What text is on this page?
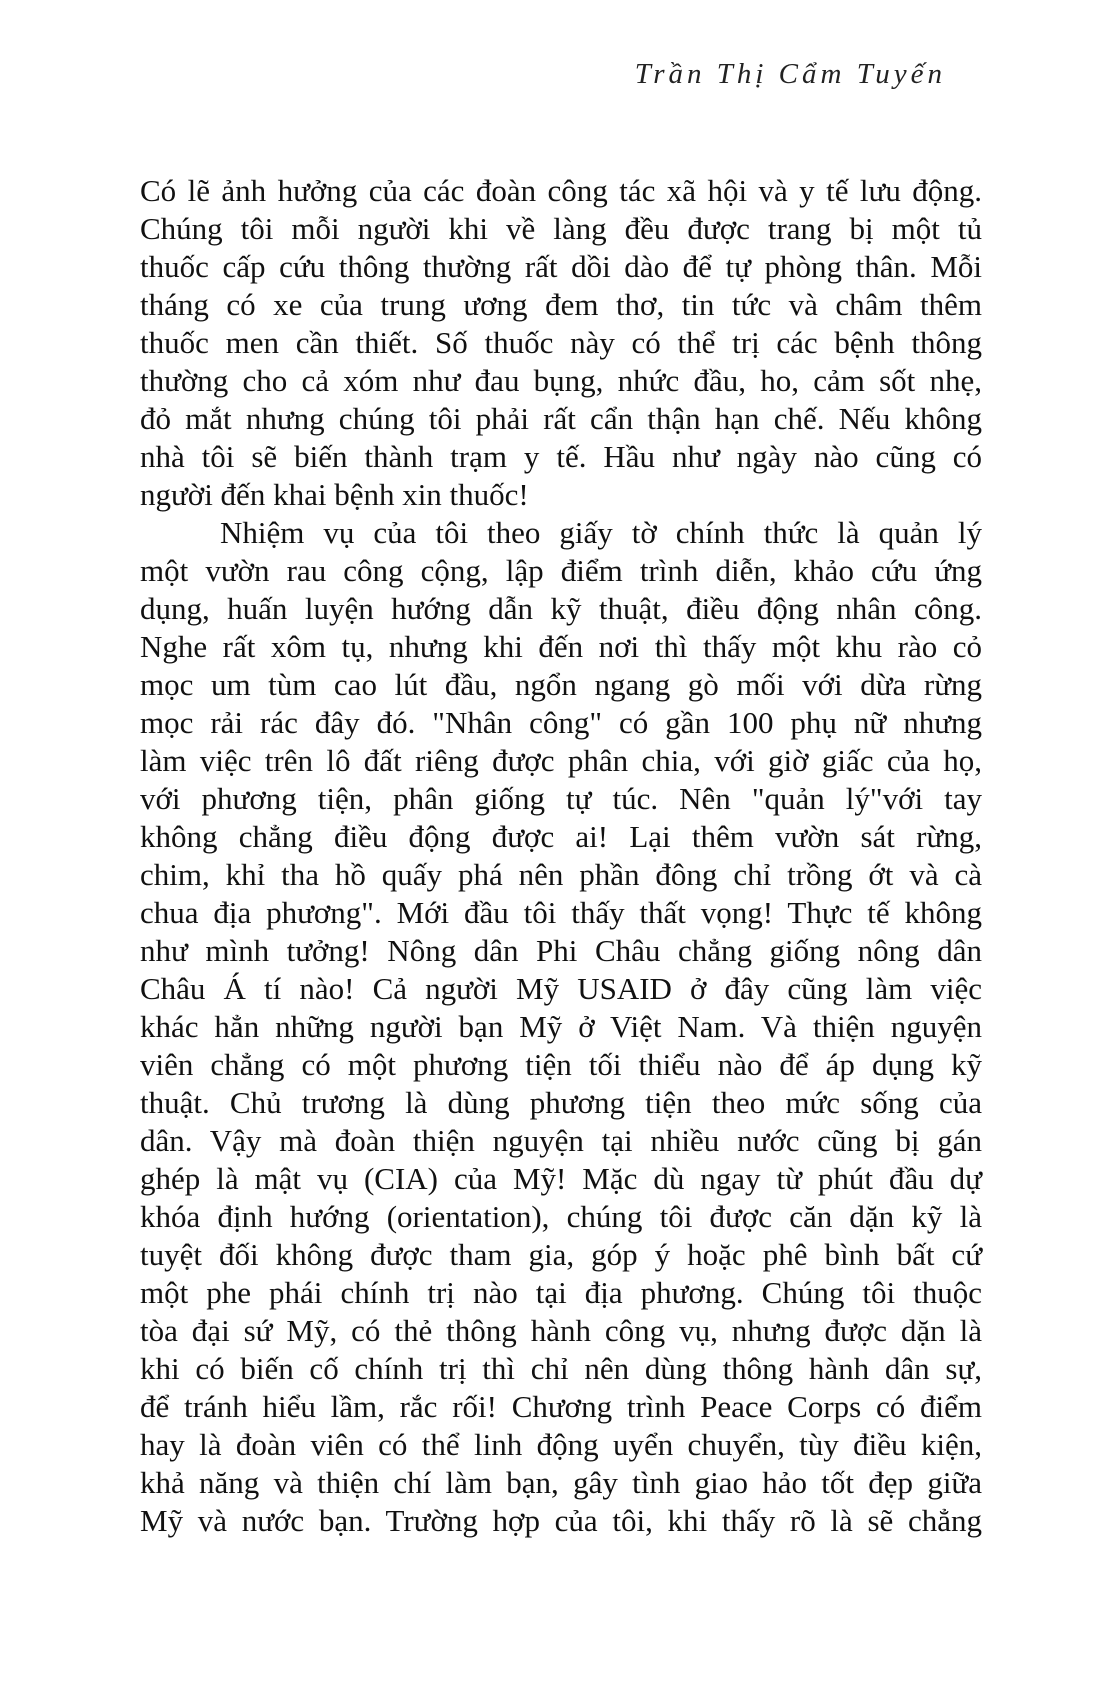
Trần Thị Cẩm Tuyến
Có lẽ ảnh hưởng của các đoàn công tác xã hội và y tế lưu động.
Chúng tôi mỗi người khi về làng đều được trang bị một tủ
thuốc cấp cứu thông thường rất dồi dào để tự phòng thân. Mỗi
tháng có xe của trung ương đem thơ, tin tức và châm thêm
thuốc men cần thiết. Số thuốc này có thể trị các bệnh thông
thường cho cả xóm như đau bụng, nhức đầu, ho, cảm sốt nhẹ,
đỏ mắt nhưng chúng tôi phải rất cẩn thận hạn chế. Nếu không
nhà tôi sẽ biến thành trạm y tế. Hầu như ngày nào cũng có
người đến khai bệnh xin thuốc!
Nhiệm vụ của tôi theo giấy tờ chính thức là quản lý
một vườn rau công cộng, lập điểm trình diễn, khảo cứu ứng
dụng, huấn luyện hướng dẫn kỹ thuật, điều động nhân công.
Nghe rất xôm tụ, nhưng khi đến nơi thì thấy một khu rào cỏ
mọc um tùm cao lút đầu, ngổn ngang gò mối với dừa rừng
mọc rải rác đây đó. "Nhân công" có gần 100 phụ nữ nhưng
làm việc trên lô đất riêng được phân chia, với giờ giấc của họ,
với phương tiện, phân giống tự túc. Nên "quản lý"với tay
không chẳng điều động được ai! Lại thêm vườn sát rừng,
chim, khỉ tha hồ quấy phá nên phần đông chỉ trồng ớt và cà
chua địa phương". Mới đầu tôi thấy thất vọng! Thực tế không
như mình tưởng! Nông dân Phi Châu chẳng giống nông dân
Châu Á tí nào! Cả người Mỹ USAID ở đây cũng làm việc
khác hẳn những người bạn Mỹ ở Việt Nam. Và thiện nguyện
viên chẳng có một phương tiện tối thiểu nào để áp dụng kỹ
thuật. Chủ trương là dùng phương tiện theo mức sống của
dân. Vậy mà đoàn thiện nguyện tại nhiều nước cũng bị gán
ghép là mật vụ (CIA) của Mỹ! Mặc dù ngay từ phút đầu dự
khóa định hướng (orientation), chúng tôi được căn dặn kỹ là
tuyệt đối không được tham gia, góp ý hoặc phê bình bất cứ
một phe phái chính trị nào tại địa phương. Chúng tôi thuộc
tòa đại sứ Mỹ, có thẻ thông hành công vụ, nhưng được dặn là
khi có biến cố chính trị thì chỉ nên dùng thông hành dân sự,
để tránh hiểu lầm, rắc rối! Chương trình Peace Corps có điểm
hay là đoàn viên có thể linh động uyển chuyển, tùy điều kiện,
khả năng và thiện chí làm bạn, gây tình giao hảo tốt đẹp giữa
Mỹ và nước bạn. Trường hợp của tôi, khi thấy rõ là sẽ chẳng
